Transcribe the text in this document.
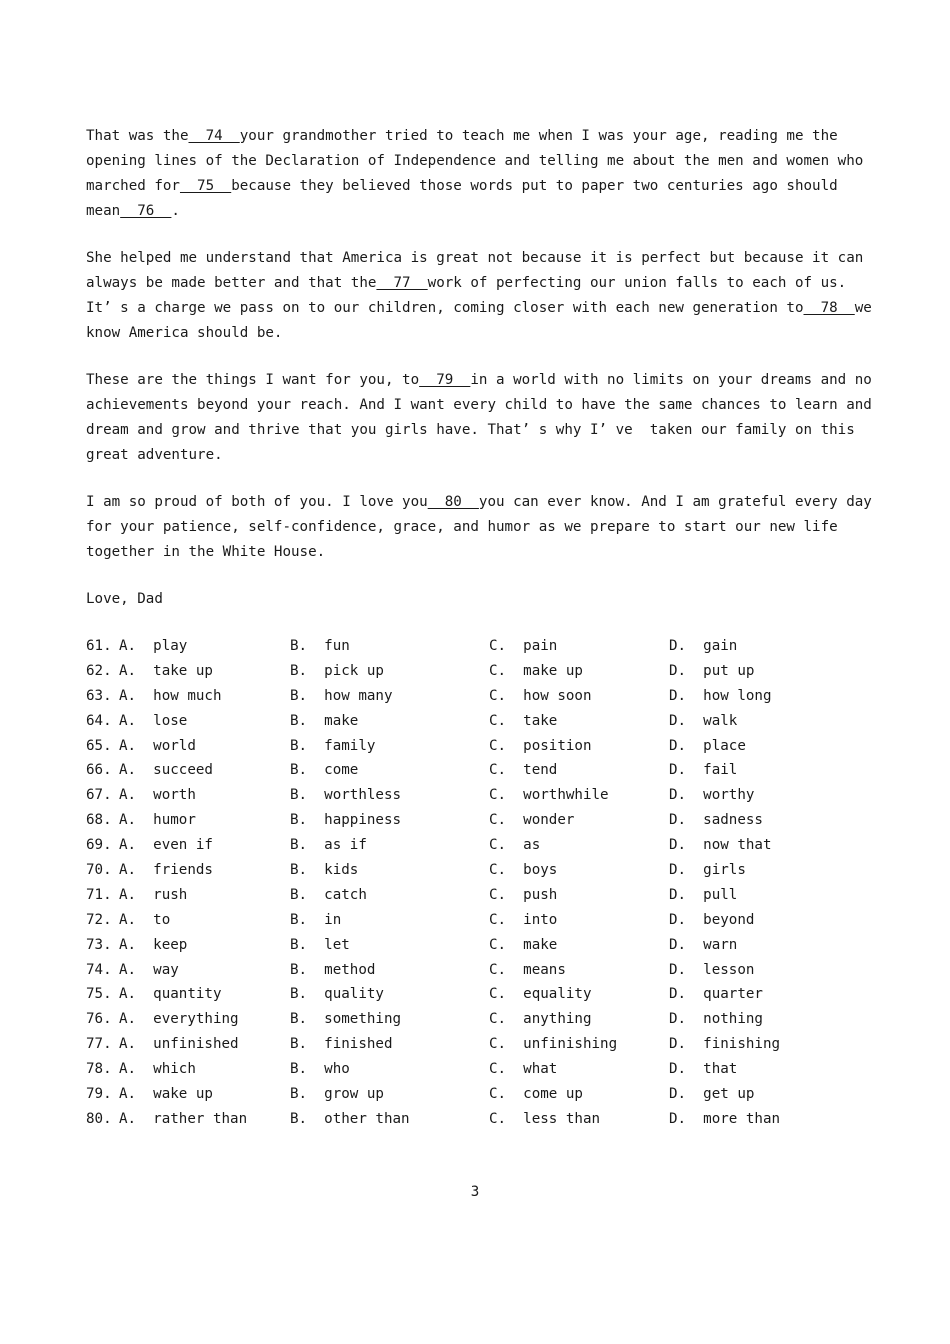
That was the  74  your grandmother tried to teach me when I was your age, reading me the
opening lines of the Declaration of Independence and telling me about the men and women who
marched for  75  because they believed those words put to paper two centuries ago should
mean  76  .
She helped me understand that America is great not because it is perfect but because it can
always be made better and that the  77  work of perfecting our union falls to each of us.
It’ s a charge we pass on to our children, coming closer with each new generation to  78  we
know America should be.
These are the things I want for you, to  79  in a world with no limits on your dreams and no
achievements beyond your reach. And I want every child to have the same chances to learn and
dream and grow and thrive that you girls have. That’ s why I’ ve  taken our family on this
great adventure.
I am so proud of both of you. I love you  80  you can ever know. And I am grateful every day
for your patience, self-confidence, grace, and humor as we prepare to start our new life
together in the White House.
Love, Dad
61. A.  play	B.  fun	C.  pain	D.  gain
62. A.  take up	B.  pick up	C.  make up	D.  put up
63. A.  how much	B.  how many	C.  how soon	D.  how long
64. A.  lose	B.  make	C.  take	D.  walk
65. A.  world	B.  family	C.  position	D.  place
66. A.  succeed	B.  come	C.  tend	D.  fail
67. A.  worth	B.  worthless	C.  worthwhile	D.  worthy
68. A.  humor	B.  happiness	C.  wonder	D.  sadness
69. A.  even if	B.  as if	C.  as	D.  now that
70. A.  friends	B.  kids	C.  boys	D.  girls
71. A.  rush	B.  catch	C.  push	D.  pull
72. A.  to	B.  in	C.  into	D.  beyond
73. A.  keep	B.  let	C.  make	D.  warn
74. A.  way	B.  method	C.  means	D.  lesson
75. A.  quantity	B.  quality	C.  equality	D.  quarter
76. A.  everything	B.  something	C.  anything	D.  nothing
77. A.  unfinished	B.  finished	C.  unfinishing	D.  finishing
78. A.  which	B.  who	C.  what	D.  that
79. A.  wake up	B.  grow up	C.  come up	D.  get up
80. A.  rather than	B.  other than	C.  less than	D.  more than
3
